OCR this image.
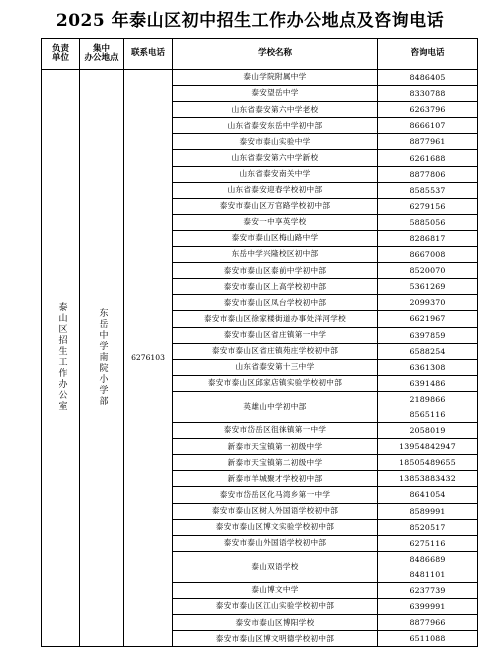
2025 年泰山区初中招生工作办公地点及咨询电话
负责
单位	集中
办公地点	联系电话	学校名称	咨询电话
泰山区招生工作办公室	东岳中学南院小学部	6276103	泰山学院附属中学	8486405

			泰安望岳中学	8330788

			山东省泰安第六中学老校	6263796

			山东省泰安东岳中学初中部	8666107

			泰安市泰山实验中学	8877961

			山东省泰安第六中学新校	6261688

			山东省泰安南关中学	8877806

			山东省泰安迎春学校初中部	8585537

			泰安市泰山区万官路学校初中部	6279156

			泰安一中享英学校	5885056

			泰安市泰山区梅山路中学	8286817

			东岳中学兴隆校区初中部	8667008

			泰安市泰山区泰前中学初中部	8520070

			泰安市泰山区上高学校初中部	5361269

			泰安市泰山区凤台学校初中部	2099370

			泰安市泰山区徐家楼街道办事处洋河学校	6621967

			泰安市泰山区省庄镇第一中学	6397859

			泰安市泰山区省庄镇苑庄学校初中部	6588254

			山东省泰安第十三中学	6361308

			泰安市泰山区邱家店镇实验学校初中部	6391486

			英雄山中学初中部	2189866
8565116

			泰安市岱岳区徂徕镇第一中学	2058019

			新泰市天宝镇第一初级中学	13954842947

			新泰市天宝镇第二初级中学	18505489655

			新泰市羊城聚才学校初中部	13853883432

			泰安市岱岳区化马湾乡第一中学	8641054

			泰安市泰山区树人外国语学校初中部	8589991

			泰安市泰山区博文实验学校初中部	8520517

			泰安市泰山外国语学校初中部	6275116

			泰山双语学校	8486689
8481101

			泰山博文中学	6237739

			泰安市泰山区江山实验学校初中部	6399991

			泰安市泰山区博阳学校	8877966

			泰安市泰山区博文明德学校初中部	6511088
